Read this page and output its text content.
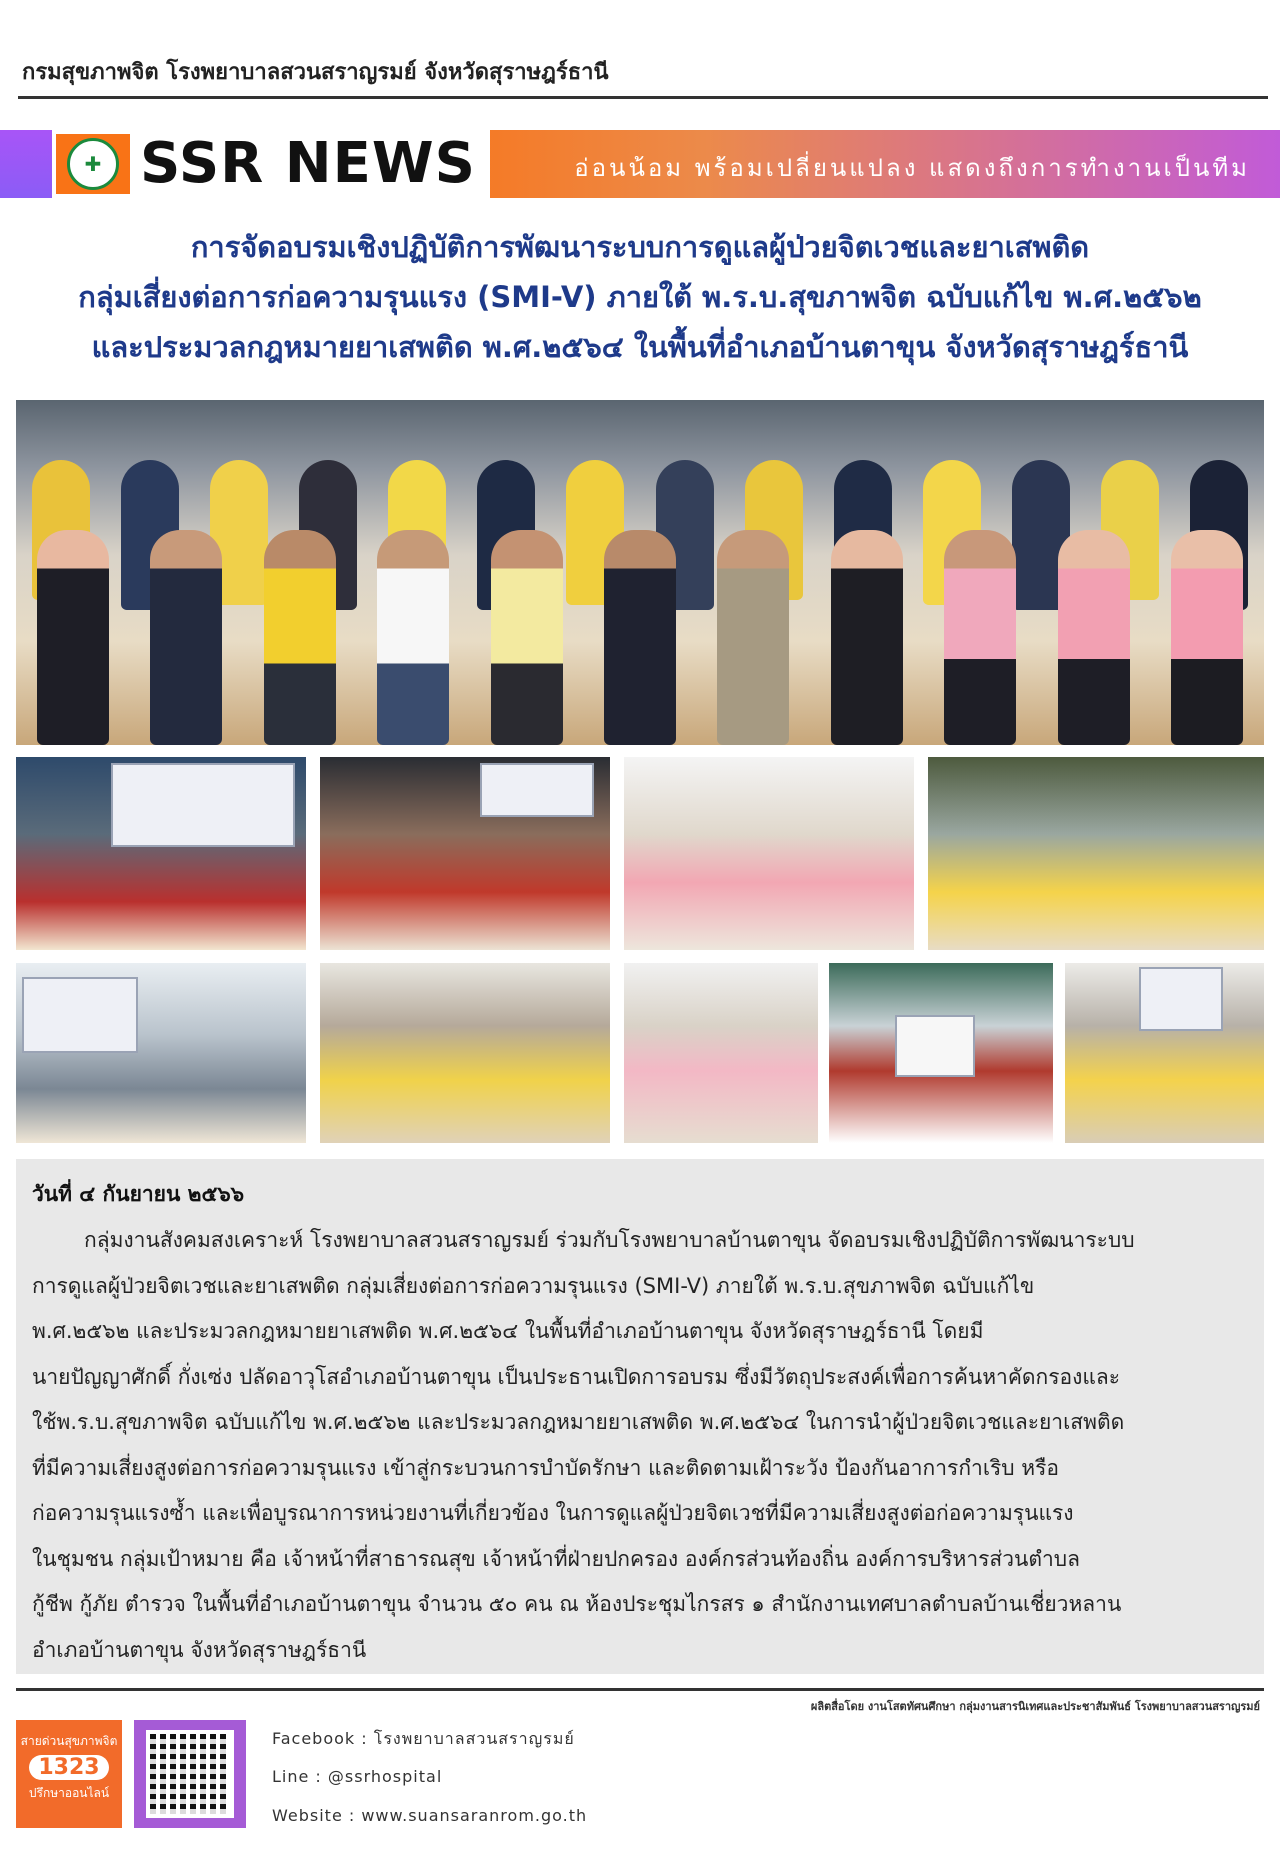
กรมสุขภาพจิต โรงพยาบาลสวนสราญรมย์ จังหวัดสุราษฎร์ธานี
✚ SSR NEWS	อ่อนน้อม พร้อมเปลี่ยนแปลง แสดงถึงการทำงานเป็นทีม
การจัดอบรมเชิงปฏิบัติการพัฒนาระบบการดูแลผู้ป่วยจิตเวชและยาเสพติด
กลุ่มเสี่ยงต่อการก่อความรุนแรง (SMI-V) ภายใต้ พ.ร.บ.สุขภาพจิต ฉบับแก้ไข พ.ศ.๒๕๖๒
และประมวลกฎหมายยาเสพติด พ.ศ.๒๕๖๔ ในพื้นที่อำเภอบ้านตาขุน จังหวัดสุราษฎร์ธานี
วันที่ ๔ กันยายน ๒๕๖๖
กลุ่มงานสังคมสงเคราะห์ โรงพยาบาลสวนสราญรมย์ ร่วมกับโรงพยาบาลบ้านตาขุน จัดอบรมเชิงปฏิบัติการพัฒนาระบบ
การดูแลผู้ป่วยจิตเวชและยาเสพติด กลุ่มเสี่ยงต่อการก่อความรุนแรง (SMI-V) ภายใต้ พ.ร.บ.สุขภาพจิต ฉบับแก้ไข
พ.ศ.๒๕๖๒ และประมวลกฎหมายยาเสพติด พ.ศ.๒๕๖๔ ในพื้นที่อำเภอบ้านตาขุน จังหวัดสุราษฎร์ธานี โดยมี
นายปัญญาศักดิ์ กั่งเซ่ง ปลัดอาวุโสอำเภอบ้านตาขุน เป็นประธานเปิดการอบรม ซึ่งมีวัตถุประสงค์เพื่อการค้นหาคัดกรองและ
ใช้พ.ร.บ.สุขภาพจิต ฉบับแก้ไข พ.ศ.๒๕๖๒ และประมวลกฎหมายยาเสพติด พ.ศ.๒๕๖๔ ในการนำผู้ป่วยจิตเวชและยาเสพติด
ที่มีความเสี่ยงสูงต่อการก่อความรุนแรง เข้าสู่กระบวนการบำบัดรักษา และติดตามเฝ้าระวัง ป้องกันอาการกำเริบ หรือ
ก่อความรุนแรงซ้ำ และเพื่อบูรณาการหน่วยงานที่เกี่ยวข้อง ในการดูแลผู้ป่วยจิตเวชที่มีความเสี่ยงสูงต่อก่อความรุนแรง
ในชุมชน กลุ่มเป้าหมาย คือ เจ้าหน้าที่สาธารณสุข เจ้าหน้าที่ฝ่ายปกครอง องค์กรส่วนท้องถิ่น องค์การบริหารส่วนตำบล
กู้ชีพ กู้ภัย ตำรวจ ในพื้นที่อำเภอบ้านตาขุน จำนวน ๕๐ คน ณ ห้องประชุมไกรสร ๑ สำนักงานเทศบาลตำบลบ้านเชี่ยวหลาน
อำเภอบ้านตาขุน จังหวัดสุราษฎร์ธานี
ผลิตสื่อโดย งานโสตทัศนศึกษา กลุ่มงานสารนิเทศและประชาสัมพันธ์ โรงพยาบาลสวนสราญรมย์
สายด่วนสุขภาพจิต
1323
ปรึกษาออนไลน์
Facebook : โรงพยาบาลสวนสราญรมย์
Line : @ssrhospital
Website : www.suansaranrom.go.th
